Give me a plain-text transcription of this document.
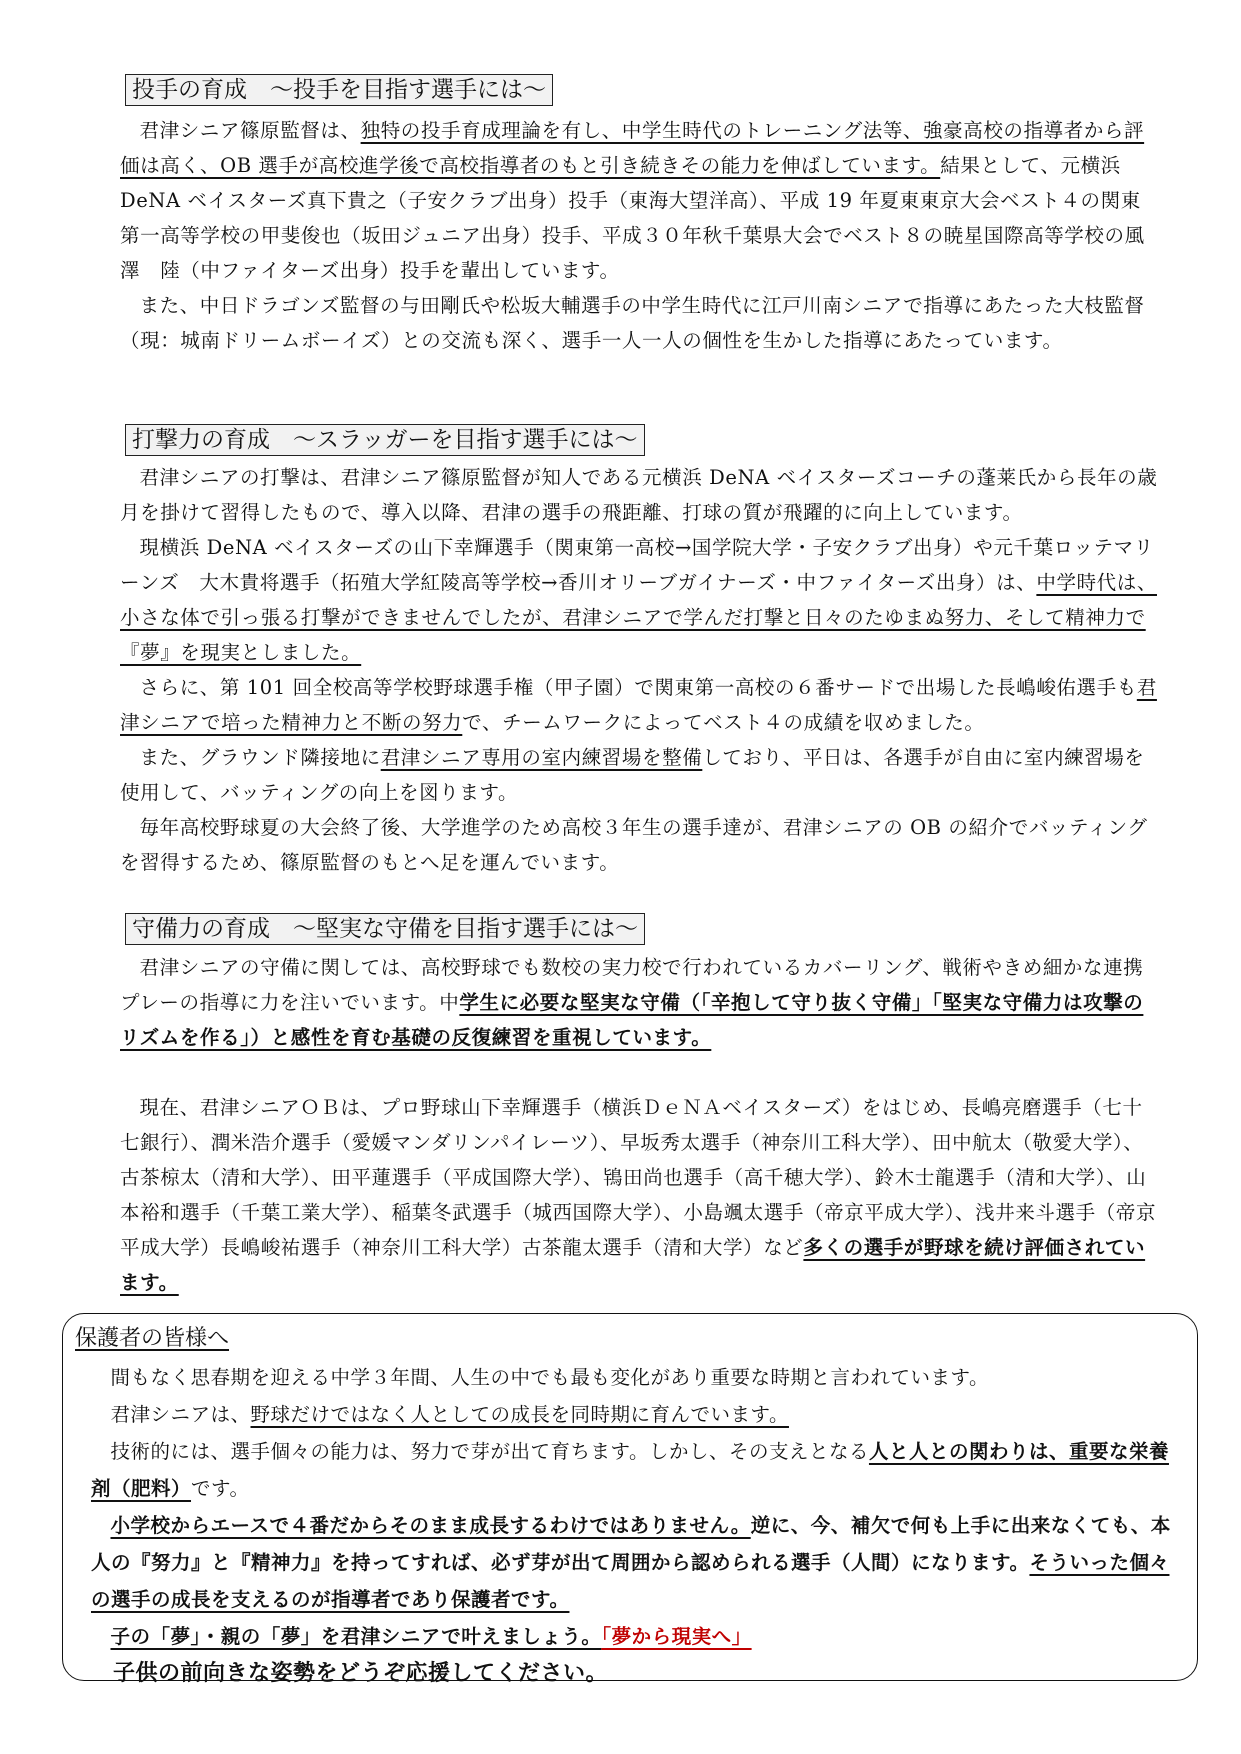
投手の育成　～投手を目指す選手には～

君津シニア篠原監督は、独特の投手育成理論を有し、中学生時代のトレーニング法等、強豪高校の指導者から評価は高く、OB 選手が高校進学後で高校指導者のもと引き続きその能力を伸ばしています。結果として、元横浜 DeNA ベイスターズ真下貴之（子安クラブ出身）投手（東海大望洋高）、平成 19 年夏東東京大会ベスト４の関東第一高等学校の甲斐俊也（坂田ジュニア出身）投手、平成３０年秋千葉県大会でベスト８の暁星国際高等学校の風澤　陸（中ファイターズ出身）投手を輩出しています。

また、中日ドラゴンズ監督の与田剛氏や松坂大輔選手の中学生時代に江戸川南シニアで指導にあたった大枝監督（現：城南ドリームボーイズ）との交流も深く、選手一人一人の個性を生かした指導にあたっています。

打撃力の育成　～スラッガーを目指す選手には～

君津シニアの打撃は、君津シニア篠原監督が知人である元横浜 DeNA ベイスターズコーチの蓬莱氏から長年の歳月を掛けて習得したもので、導入以降、君津の選手の飛距離、打球の質が飛躍的に向上しています。

現横浜 DeNA ベイスターズの山下幸輝選手（関東第一高校→国学院大学・子安クラブ出身）や元千葉ロッテマリーンズ　大木貴将選手（拓殖大学紅陵高等学校→香川オリーブガイナーズ・中ファイターズ出身）は、中学時代は、小さな体で引っ張る打撃ができませんでしたが、君津シニアで学んだ打撃と日々のたゆまぬ努力、そして精神力で『夢』を現実としました。

さらに、第 101 回全校高等学校野球選手権（甲子園）で関東第一高校の６番サードで出場した長嶋峻佑選手も君津シニアで培った精神力と不断の努力で、チームワークによってベスト４の成績を収めました。

また、グラウンド隣接地に君津シニア専用の室内練習場を整備しており、平日は、各選手が自由に室内練習場を使用して、バッティングの向上を図ります。

毎年高校野球夏の大会終了後、大学進学のため高校３年生の選手達が、君津シニアの OB の紹介でバッティングを習得するため、篠原監督のもとへ足を運んでいます。

守備力の育成　～堅実な守備を目指す選手には～

君津シニアの守備に関しては、高校野球でも数校の実力校で行われているカバーリング、戦術やきめ細かな連携プレーの指導に力を注いでいます。中学生に必要な堅実な守備（「辛抱して守り抜く守備」「堅実な守備力は攻撃のリズムを作る」）と感性を育む基礎の反復練習を重視しています。

現在、君津シニアＯＢは、プロ野球山下幸輝選手（横浜ＤｅＮＡベイスターズ）をはじめ、長嶋亮磨選手（七十七銀行）、潤米浩介選手（愛媛マンダリンパイレーツ）、早坂秀太選手（神奈川工科大学）、田中航太（敬愛大学）、古茶椋太（清和大学）、田平蓮選手（平成国際大学）、鴇田尚也選手（高千穂大学）、鈴木士龍選手（清和大学）、山本裕和選手（千葉工業大学）、稲葉冬武選手（城西国際大学）、小島颯太選手（帝京平成大学）、浅井来斗選手（帝京平成大学）長嶋峻祐選手（神奈川工科大学）古茶龍太選手（清和大学）など多くの選手が野球を続け評価されています。

保護者の皆様へ

間もなく思春期を迎える中学３年間、人生の中でも最も変化があり重要な時期と言われています。

君津シニアは、野球だけではなく人としての成長を同時期に育んでいます。

技術的には、選手個々の能力は、努力で芽が出て育ちます。しかし、その支えとなる人と人との関わりは、重要な栄養剤（肥料）です。

小学校からエースで４番だからそのまま成長するわけではありません。逆に、今、補欠で何も上手に出来なくても、本人の『努力』と『精神力』を持ってすれば、必ず芽が出て周囲から認められる選手（人間）になります。そういった個々の選手の成長を支えるのが指導者であり保護者です。

子の「夢」・親の「夢」を君津シニアで叶えましょう。「夢から現実へ」

子供の前向きな姿勢をどうぞ応援してください。
